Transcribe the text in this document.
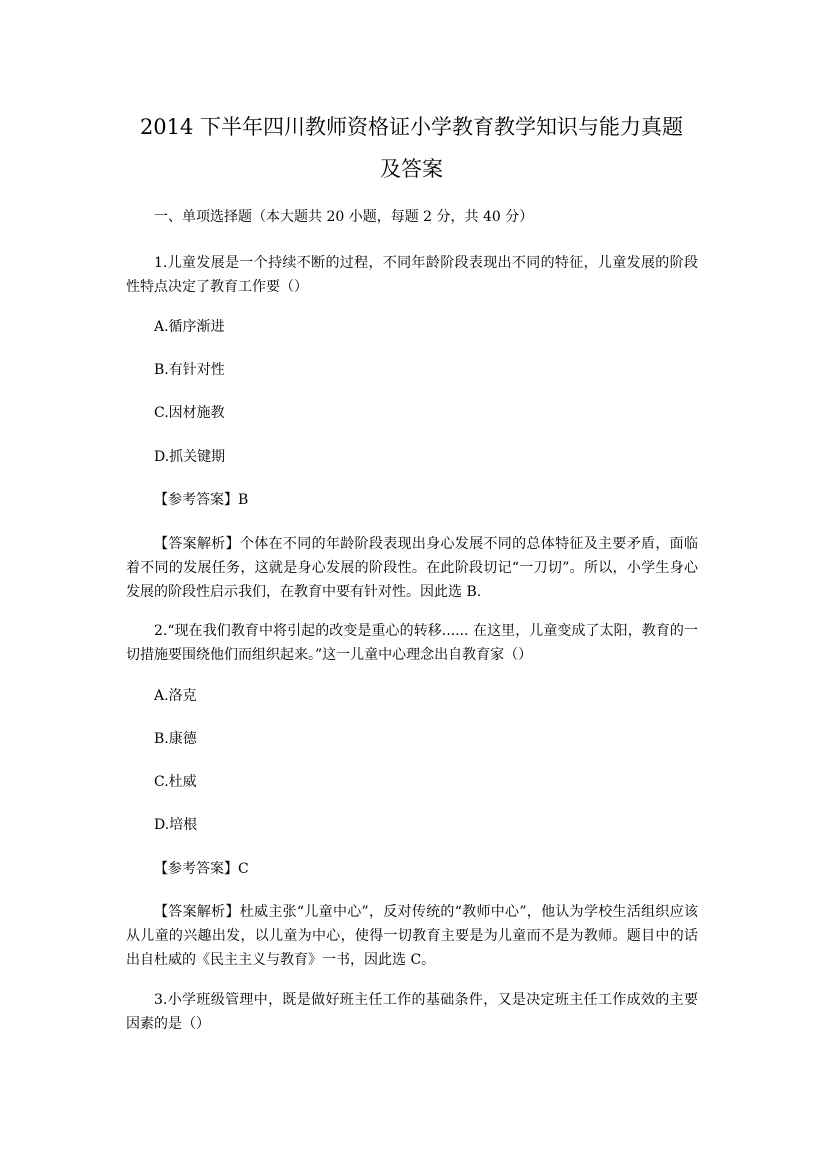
2014 下半年四川教师资格证小学教育教学知识与能力真题及答案

一、单项选择题（本大题共 20 小题，每题 2 分，共 40 分）

1.儿童发展是一个持续不断的过程，不同年龄阶段表现出不同的特征，儿童发展的阶段性特点决定了教育工作要（）

A.循序渐进

B.有针对性

C.因材施教

D.抓关键期

【参考答案】B

【答案解析】个体在不同的年龄阶段表现出身心发展不同的总体特征及主要矛盾，面临着不同的发展任务，这就是身心发展的阶段性。在此阶段切记“一刀切”。所以，小学生身心发展的阶段性启示我们，在教育中要有针对性。因此选 B.

2.“现在我们教育中将引起的改变是重心的转移...... 在这里，儿童变成了太阳，教育的一切措施要围绕他们而组织起来。”这一儿童中心理念出自教育家（）

A.洛克

B.康德

C.杜威

D.培根

【参考答案】C

【答案解析】杜威主张“儿童中心”，反对传统的“教师中心”，他认为学校生活组织应该从儿童的兴趣出发，以儿童为中心，使得一切教育主要是为儿童而不是为教师。题目中的话出自杜威的《民主主义与教育》一书，因此选 C。

3.小学班级管理中，既是做好班主任工作的基础条件，又是决定班主任工作成效的主要因素的是（）
